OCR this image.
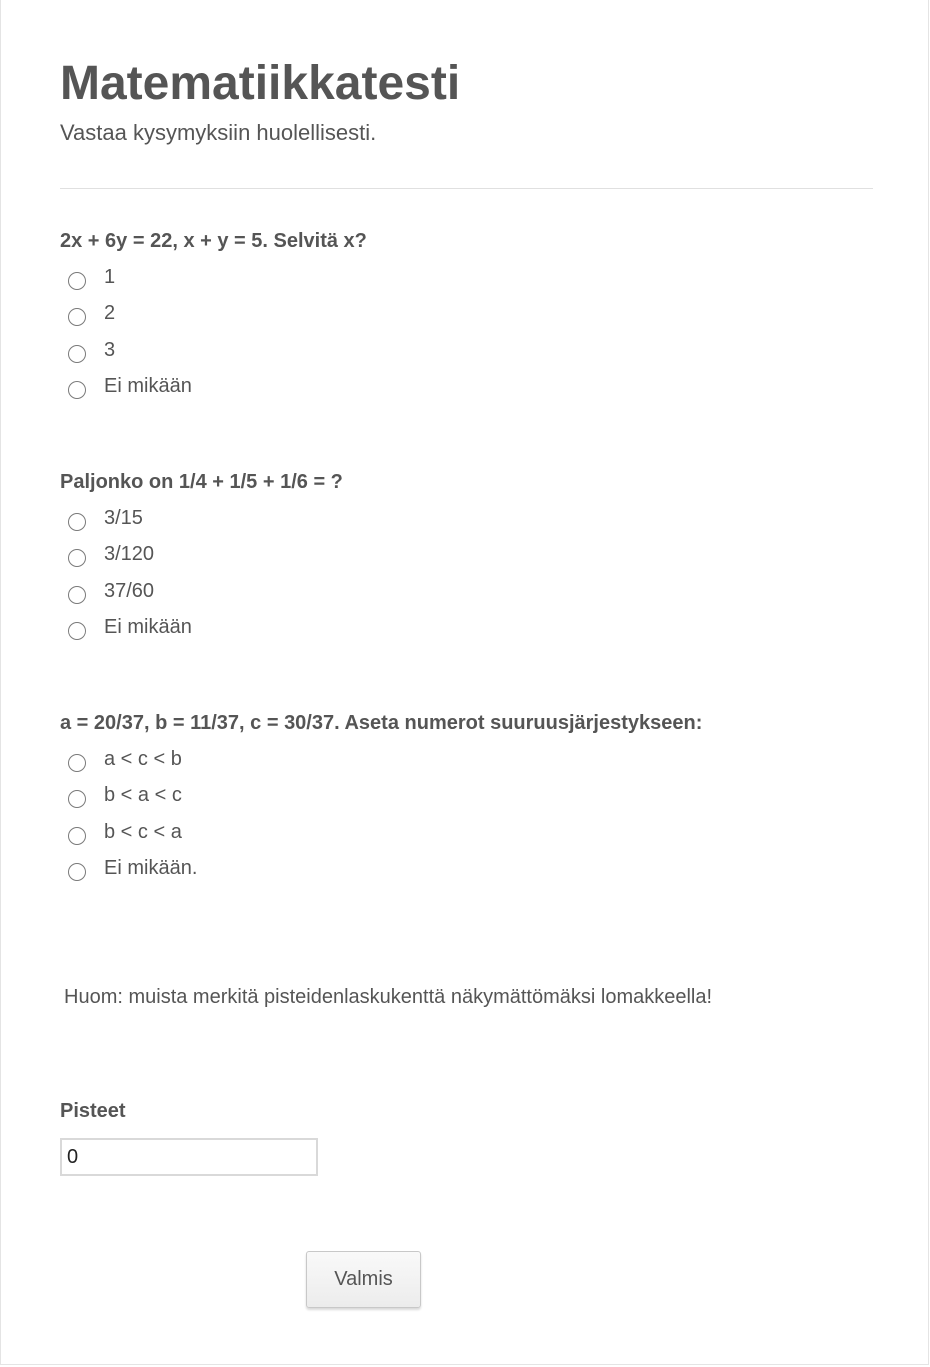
Matematiikkatesti
Vastaa kysymyksiin huolellisesti.
2x + 6y = 22, x + y = 5. Selvitä x?
1
2
3
Ei mikään
Paljonko on 1/4 + 1/5 + 1/6 = ?
3/15
3/120
37/60
Ei mikään
a = 20/37, b = 11/37, c = 30/37. Aseta numerot suuruusjärjestykseen:
a < c < b
b < a < c
b < c < a
Ei mikään.
Huom: muista merkitä pisteidenlaskukenttä näkymättömäksi lomakkeella!
Pisteet
0
Valmis
